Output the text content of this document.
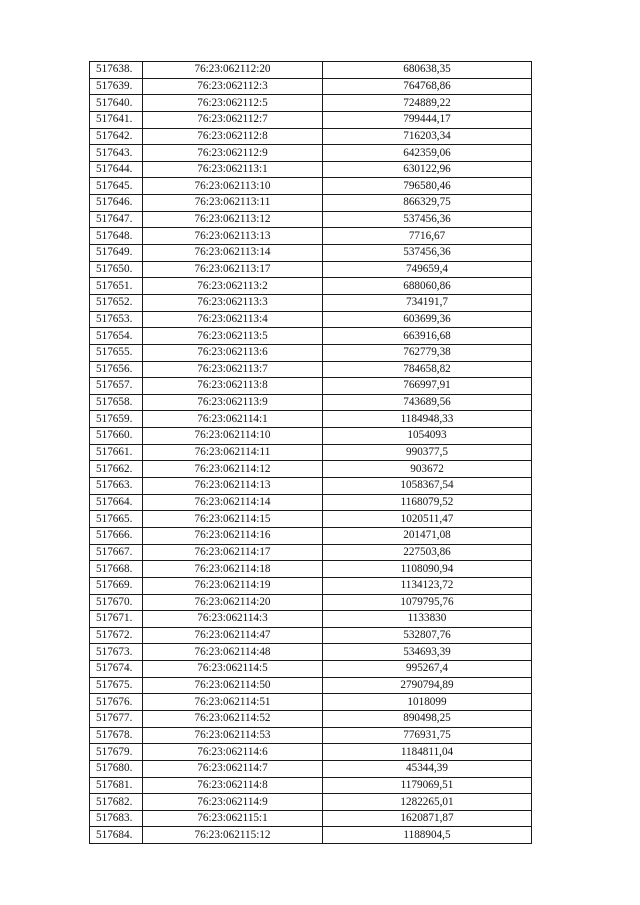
517638.	76:23:062112:20	680638,35
517639.	76:23:062112:3	764768,86
517640.	76:23:062112:5	724889,22
517641.	76:23:062112:7	799444,17
517642.	76:23:062112:8	716203,34
517643.	76:23:062112:9	642359,06
517644.	76:23:062113:1	630122,96
517645.	76:23:062113:10	796580,46
517646.	76:23:062113:11	866329,75
517647.	76:23:062113:12	537456,36
517648.	76:23:062113:13	7716,67
517649.	76:23:062113:14	537456,36
517650.	76:23:062113:17	749659,4
517651.	76:23:062113:2	688060,86
517652.	76:23:062113:3	734191,7
517653.	76:23:062113:4	603699,36
517654.	76:23:062113:5	663916,68
517655.	76:23:062113:6	762779,38
517656.	76:23:062113:7	784658,82
517657.	76:23:062113:8	766997,91
517658.	76:23:062113:9	743689,56
517659.	76:23:062114:1	1184948,33
517660.	76:23:062114:10	1054093
517661.	76:23:062114:11	990377,5
517662.	76:23:062114:12	903672
517663.	76:23:062114:13	1058367,54
517664.	76:23:062114:14	1168079,52
517665.	76:23:062114:15	1020511,47
517666.	76:23:062114:16	201471,08
517667.	76:23:062114:17	227503,86
517668.	76:23:062114:18	1108090,94
517669.	76:23:062114:19	1134123,72
517670.	76:23:062114:20	1079795,76
517671.	76:23:062114:3	1133830
517672.	76:23:062114:47	532807,76
517673.	76:23:062114:48	534693,39
517674.	76:23:062114:5	995267,4
517675.	76:23:062114:50	2790794,89
517676.	76:23:062114:51	1018099
517677.	76:23:062114:52	890498,25
517678.	76:23:062114:53	776931,75
517679.	76:23:062114:6	1184811,04
517680.	76:23:062114:7	45344,39
517681.	76:23:062114:8	1179069,51
517682.	76:23:062114:9	1282265,01
517683.	76:23:062115:1	1620871,87
517684.	76:23:062115:12	1188904,5
